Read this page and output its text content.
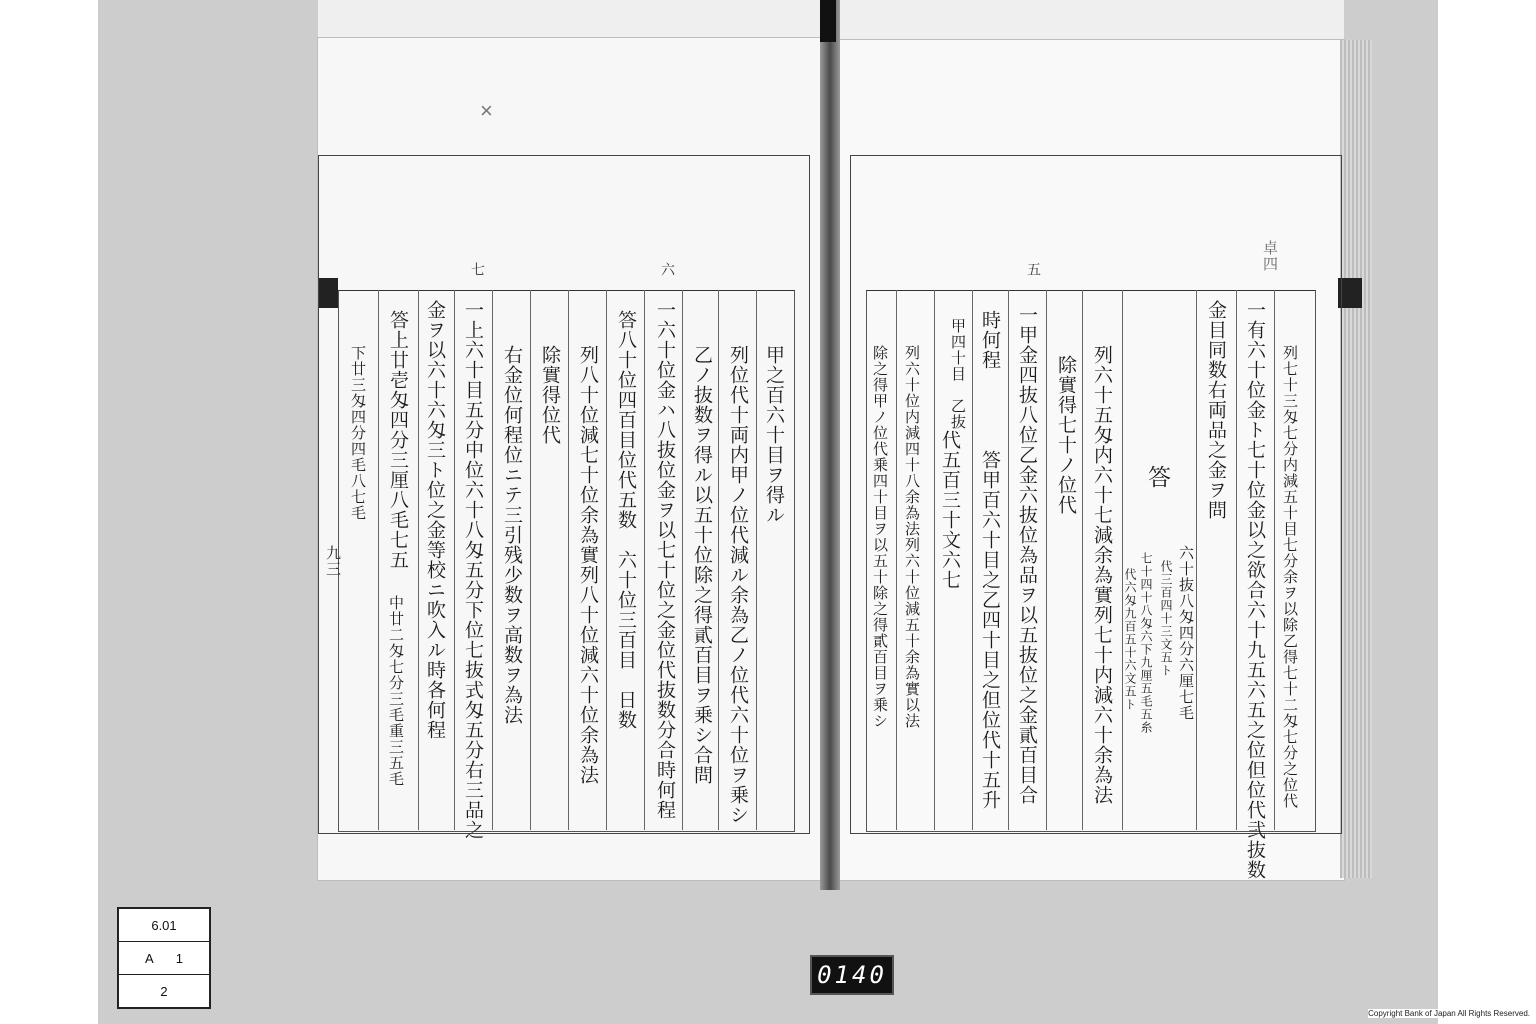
×
七	六
九三
甲之百六十目ヲ得ル
列位代十両内甲ノ位代減ル余為乙ノ位代六十位ヲ乗シ
乙ノ抜数ヲ得ル以五十位除之得貳百目ヲ乗シ合問
一六十位金ハ八抜位金ヲ以七十位之金位代抜数分合時何程
答八十位四百目位代五数　六十位三百目　日数
列八十位減七十位余為實列八十位減六十位余為法
除實得位代
右金位何程位ニテ三引残少数ヲ高数ヲ為法
一上六十目五分中位六十八匁五分下位七抜式匁五分右三品之
金ヲ以六十六匁三ト位之金等校ニ吹入ル時各何程
答上廿壱匁四分三厘八毛七五
中廿二匁七分三毛重三五毛
下廿三匁四分四毛八七毛
卓四
五
列七十三匁七分内減五十目七分余ヲ以除乙得七十二匁七分之位代
一有六十位金ト七十位金以之欲合六十九五六五之位但位代弐抜数
金目同数右両品之金ヲ問
答
六十抜八匁四分六厘七毛
代三百四十三文五ト
七十四十八匁六下九厘五毛五糸
代六匁九百五十六文五ト
列六十五匁内六十七減余為實列七十内減六十余為法
除實得七十ノ位代
一甲金四抜八位乙金六抜位為品ヲ以五抜位之金貳百目合
時何程
答甲百六十目之乙四十目之但位代十五升
甲四十目　乙抜
代五百三十文六七
列六十位内減四十八余為法列六十位減五十余為實以法
除之得甲ノ位代乗四十目ヲ以五十除之得貳百目ヲ乗シ
6.01
A 1
2
0140
Copyright Bank of Japan All Rights Reserved.
